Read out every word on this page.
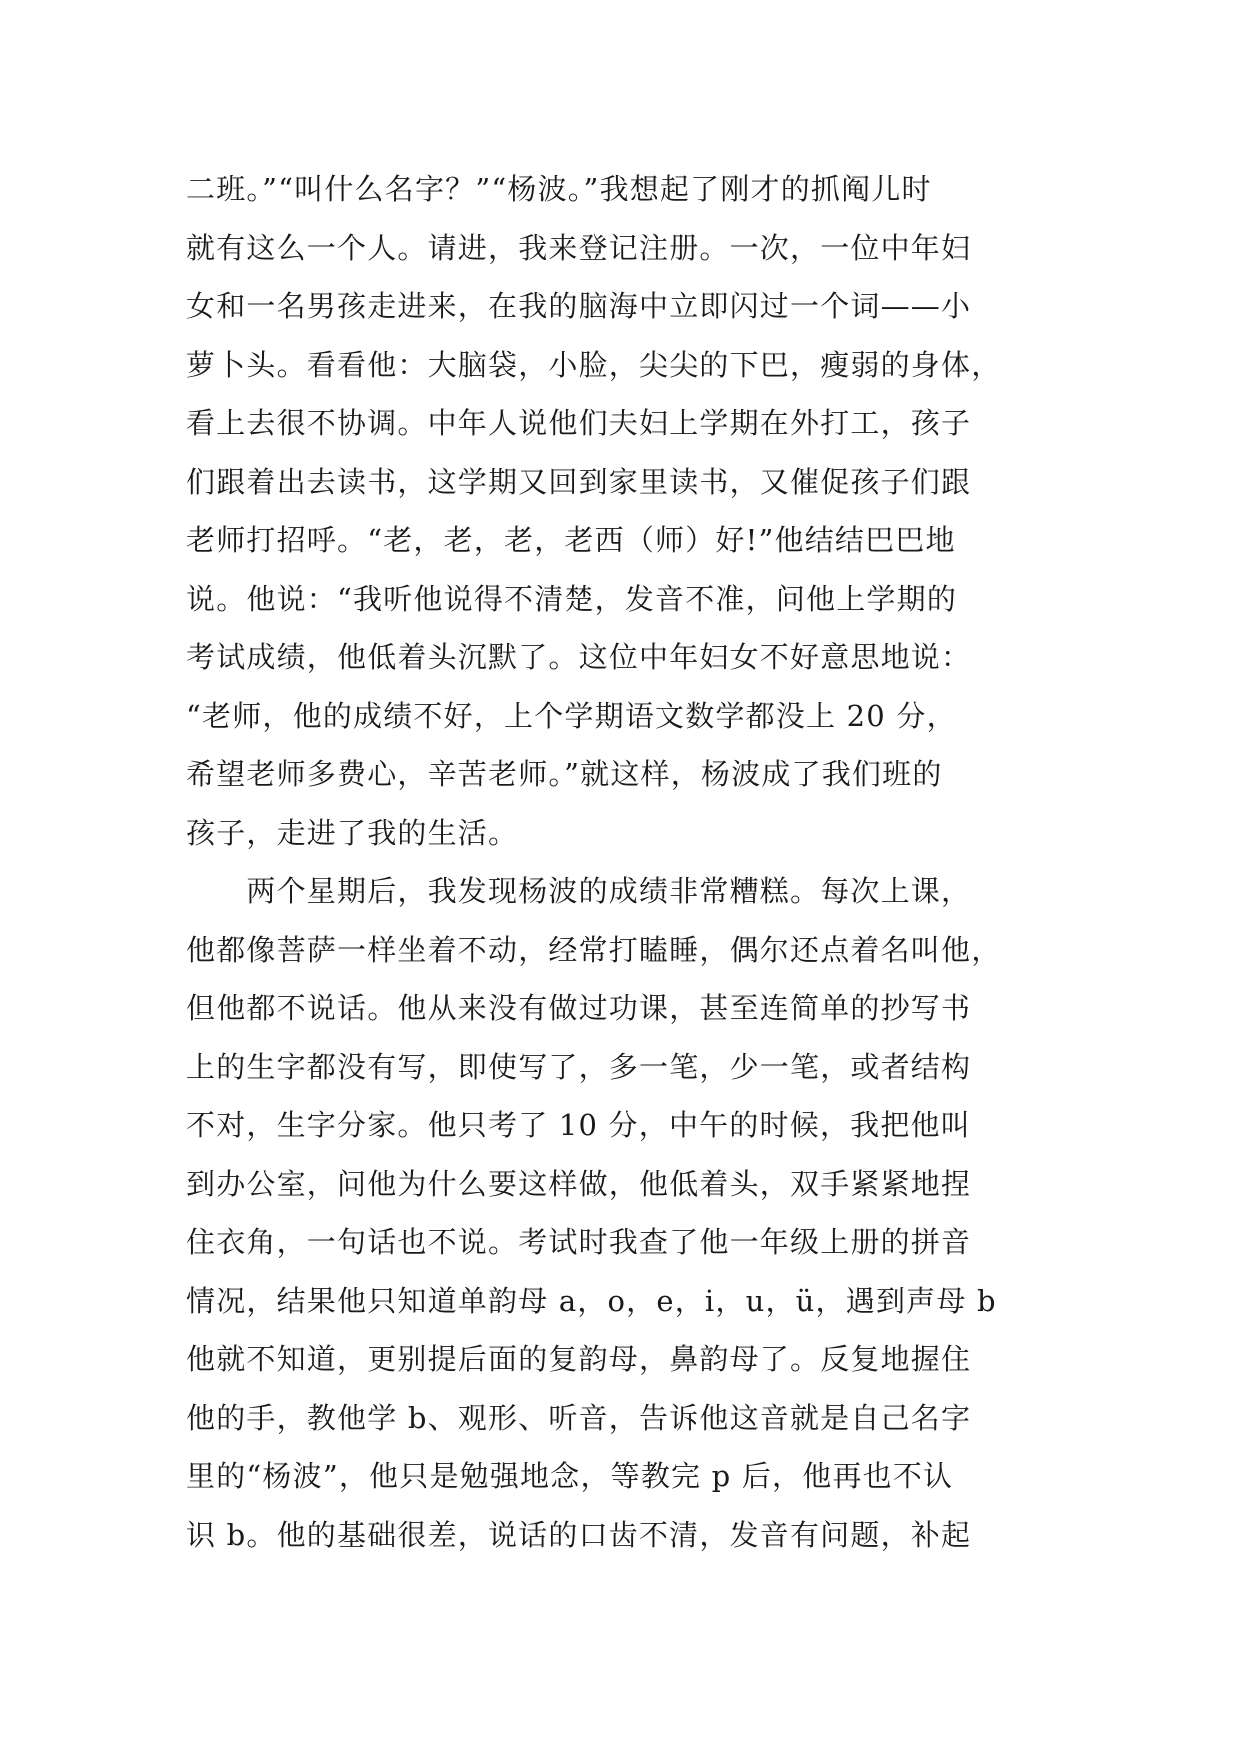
二班。”“叫什么名字？”“杨波。”我想起了刚才的抓阄儿时
就有这么一个人。请进，我来登记注册。一次，一位中年妇
女和一名男孩走进来，在我的脑海中立即闪过一个词——小
萝卜头。看看他：大脑袋，小脸，尖尖的下巴，瘦弱的身体，
看上去很不协调。中年人说他们夫妇上学期在外打工，孩子
们跟着出去读书，这学期又回到家里读书，又催促孩子们跟
老师打招呼。“老，老，老，老西（师）好!”他结结巴巴地
说。他说：“我听他说得不清楚，发音不准，问他上学期的
考试成绩，他低着头沉默了。这位中年妇女不好意思地说：
“老师，他的成绩不好，上个学期语文数学都没上 20 分，
希望老师多费心，辛苦老师。”就这样，杨波成了我们班的
孩子，走进了我的生活。
　　两个星期后，我发现杨波的成绩非常糟糕。每次上课，
他都像菩萨一样坐着不动，经常打瞌睡，偶尔还点着名叫他，
但他都不说话。他从来没有做过功课，甚至连简单的抄写书
上的生字都没有写，即使写了，多一笔，少一笔，或者结构
不对，生字分家。他只考了 10 分，中午的时候，我把他叫
到办公室，问他为什么要这样做，他低着头，双手紧紧地捏
住衣角，一句话也不说。考试时我查了他一年级上册的拼音
情况，结果他只知道单韵母 a，o，e，i，u，ü，遇到声母 b
他就不知道，更别提后面的复韵母，鼻韵母了。反复地握住
他的手，教他学 b、观形、听音，告诉他这音就是自己名字
里的“杨波”，他只是勉强地念，等教完 p 后，他再也不认
识 b。他的基础很差，说话的口齿不清，发音有问题，补起
